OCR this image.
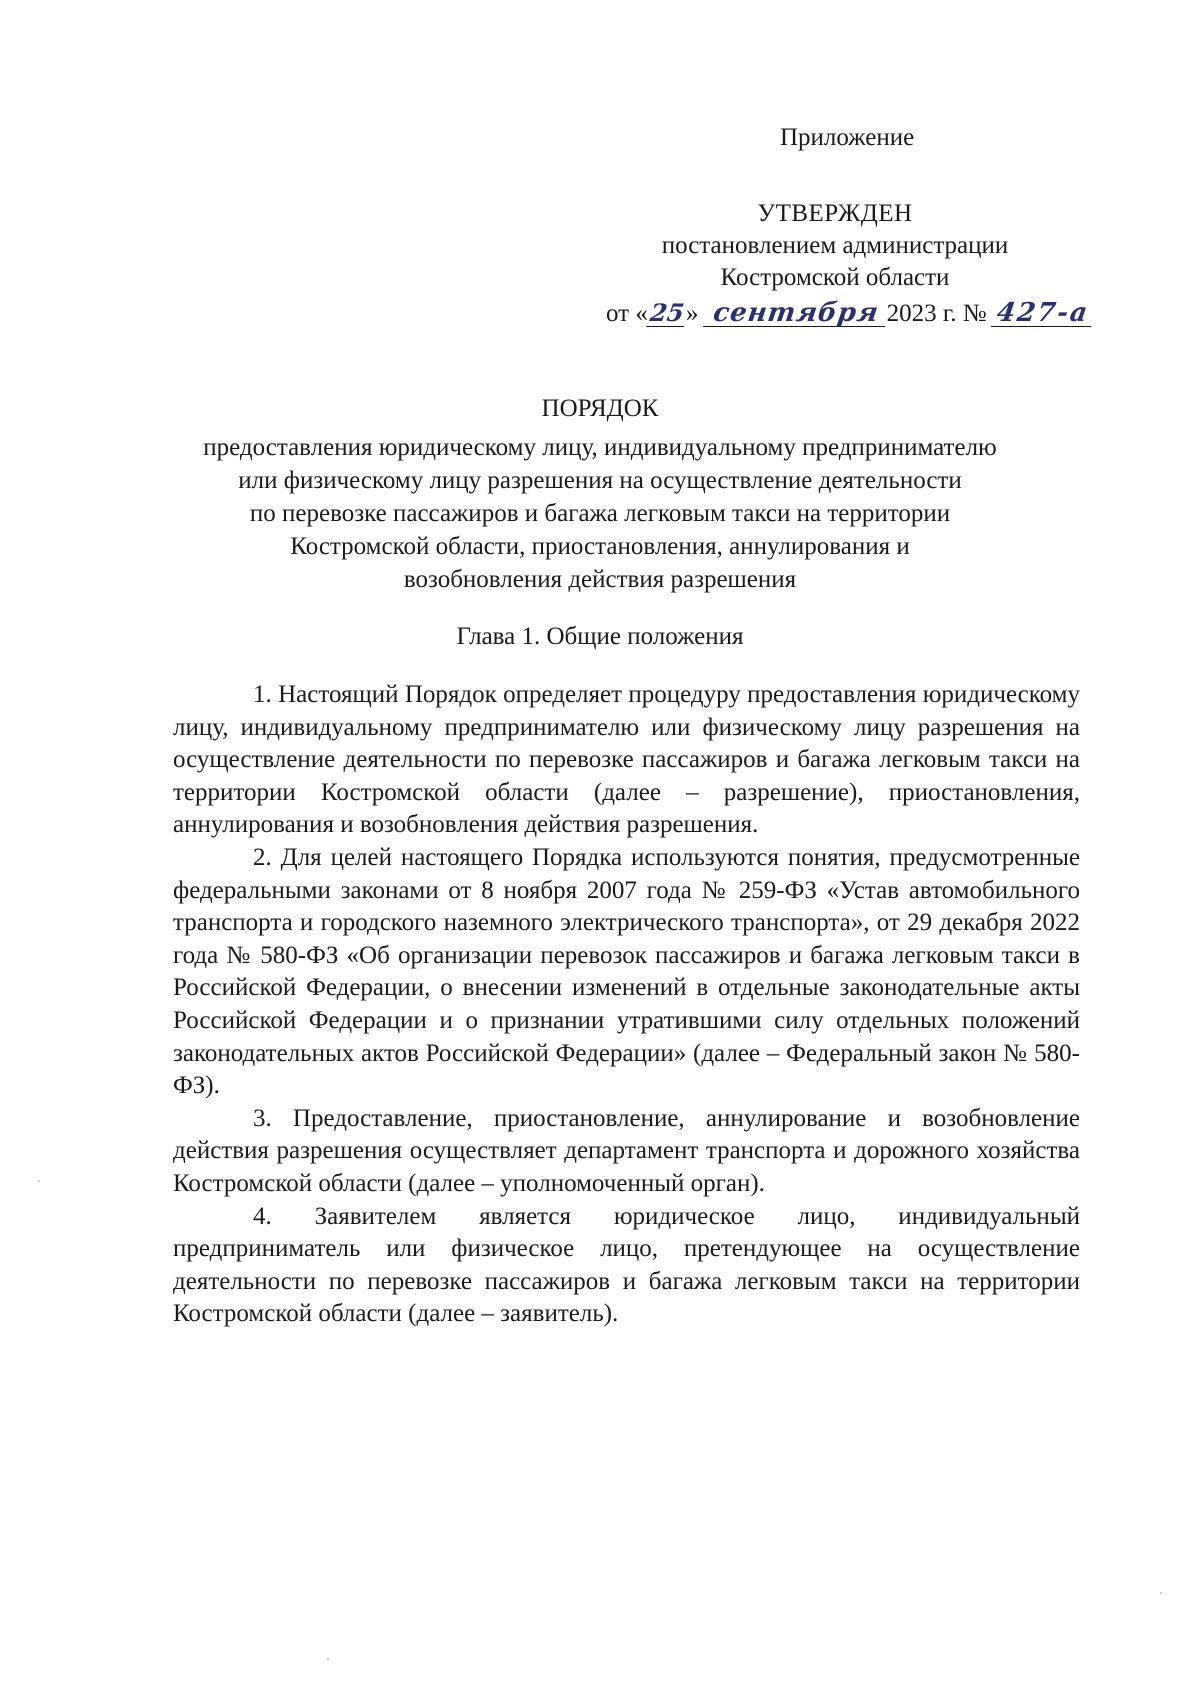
Приложение
УТВЕРЖДЕН
постановлением администрации
Костромской области
от «25» сентября 2023 г. № 427-а
ПОРЯДОК
предоставления юридическому лицу, индивидуальному предпринимателю
или физическому лицу разрешения на осуществление деятельности
по перевозке пассажиров и багажа легковым такси на территории
Костромской области, приостановления, аннулирования и
возобновления действия разрешения
Глава 1. Общие положения

1. Настоящий Порядок определяет процедуру предоставления юридическому лицу, индивидуальному предпринимателю или физическому лицу разрешения на осуществление деятельности по перевозке пассажиров и багажа легковым такси на территории Костромской области (далее – разрешение), приостановления, аннулирования и возобновления действия разрешения.

2. Для целей настоящего Порядка используются понятия, предусмотренные федеральными законами от 8 ноября 2007 года № 259-ФЗ «Устав автомобильного транспорта и городского наземного электрического транспорта», от 29 декабря 2022 года № 580-ФЗ «Об организации перевозок пассажиров и багажа легковым такси в Российской Федерации, о внесении изменений в отдельные законодательные акты Российской Федерации и о признании утратившими силу отдельных положений законодательных актов Российской Федерации» (далее – Федеральный закон № 580-ФЗ).

3. Предоставление, приостановление, аннулирование и возобновление действия разрешения осуществляет департамент транспорта и дорожного хозяйства Костромской области (далее – уполномоченный орган).

4. Заявителем является юридическое лицо, индивидуальный предприниматель или физическое лицо, претендующее на осуществление деятельности по перевозке пассажиров и багажа легковым такси на территории Костромской области (далее – заявитель).
